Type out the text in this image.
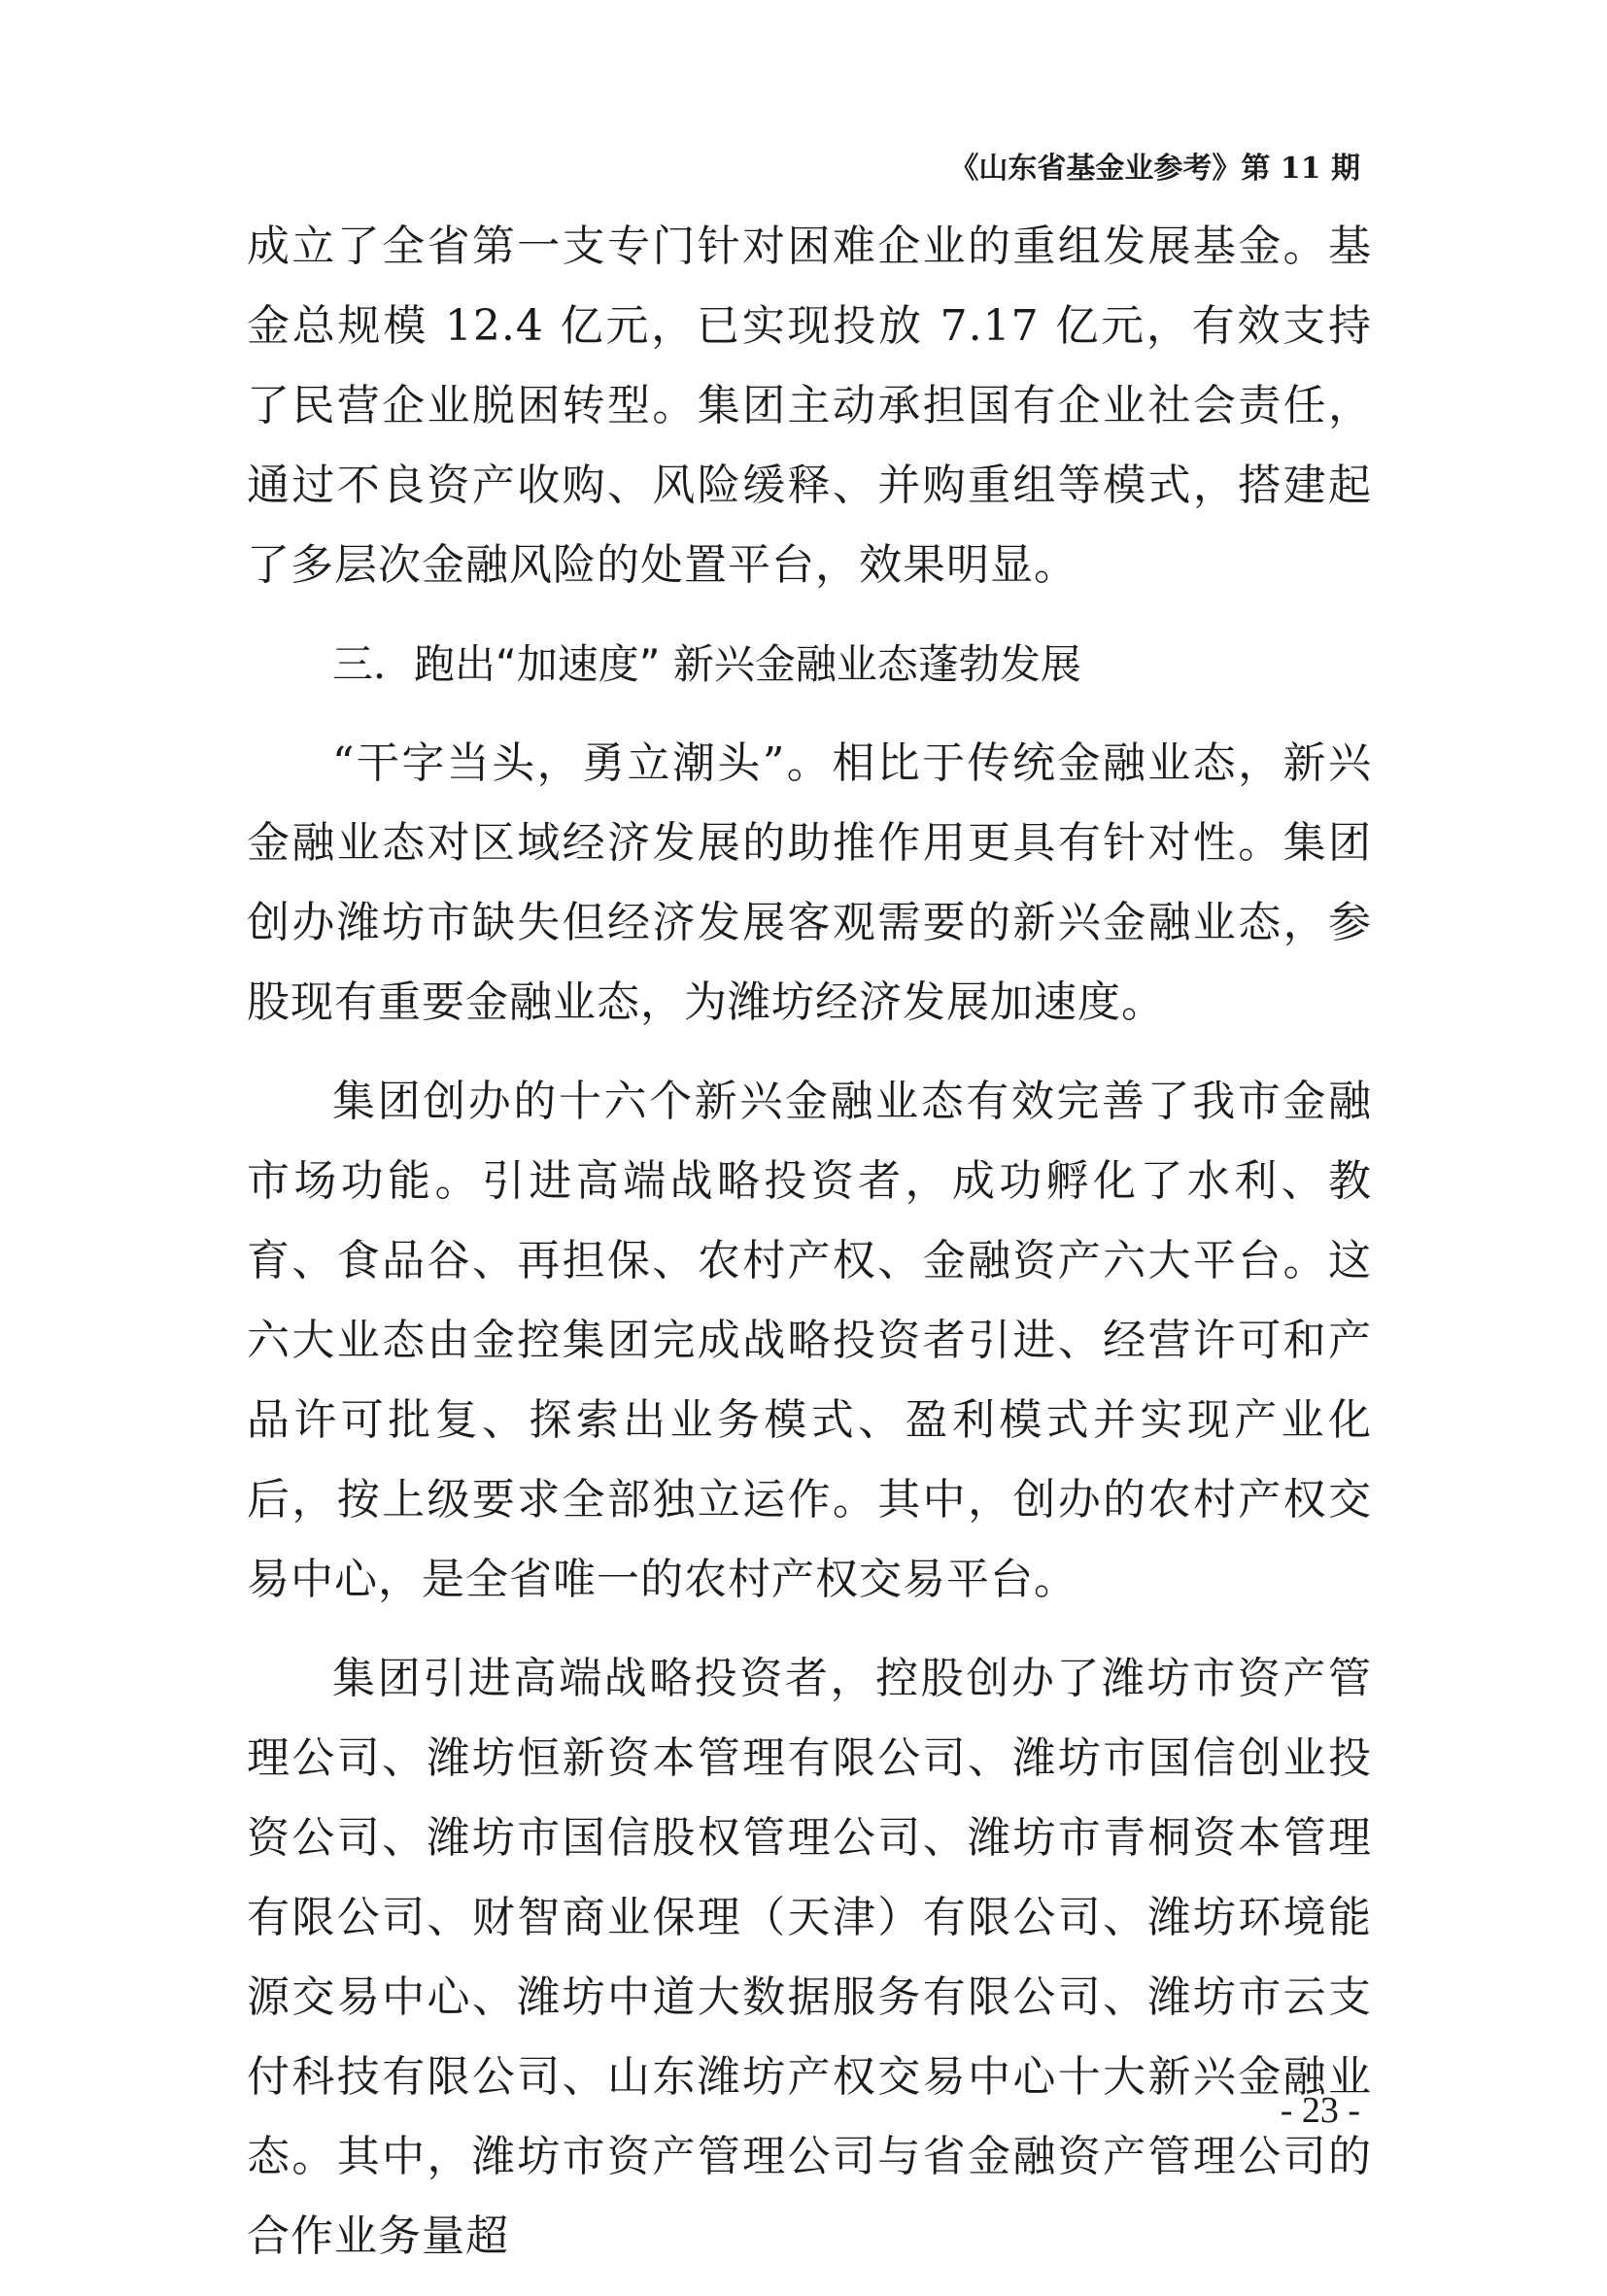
《山东省基金业参考》第 11 期

成立了全省第一支专门针对困难企业的重组发展基金。基金总规模 12.4 亿元，已实现投放 7.17 亿元，有效支持了民营企业脱困转型。集团主动承担国有企业社会责任，通过不良资产收购、风险缓释、并购重组等模式，搭建起了多层次金融风险的处置平台，效果明显。

三．跑出“加速度” 新兴金融业态蓬勃发展

“干字当头，勇立潮头”。相比于传统金融业态，新兴金融业态对区域经济发展的助推作用更具有针对性。集团创办潍坊市缺失但经济发展客观需要的新兴金融业态，参股现有重要金融业态，为潍坊经济发展加速度。

集团创办的十六个新兴金融业态有效完善了我市金融市场功能。引进高端战略投资者，成功孵化了水利、教育、食品谷、再担保、农村产权、金融资产六大平台。这六大业态由金控集团完成战略投资者引进、经营许可和产品许可批复、探索出业务模式、盈利模式并实现产业化后，按上级要求全部独立运作。其中，创办的农村产权交易中心，是全省唯一的农村产权交易平台。

集团引进高端战略投资者，控股创办了潍坊市资产管理公司、潍坊恒新资本管理有限公司、潍坊市国信创业投资公司、潍坊市国信股权管理公司、潍坊市青桐资本管理有限公司、财智商业保理（天津）有限公司、潍坊环境能源交易中心、潍坊中道大数据服务有限公司、潍坊市云支付科技有限公司、山东潍坊产权交易中心十大新兴金融业态。其中，潍坊市资产管理公司与省金融资产管理公司的合作业务量超

- 23 -
